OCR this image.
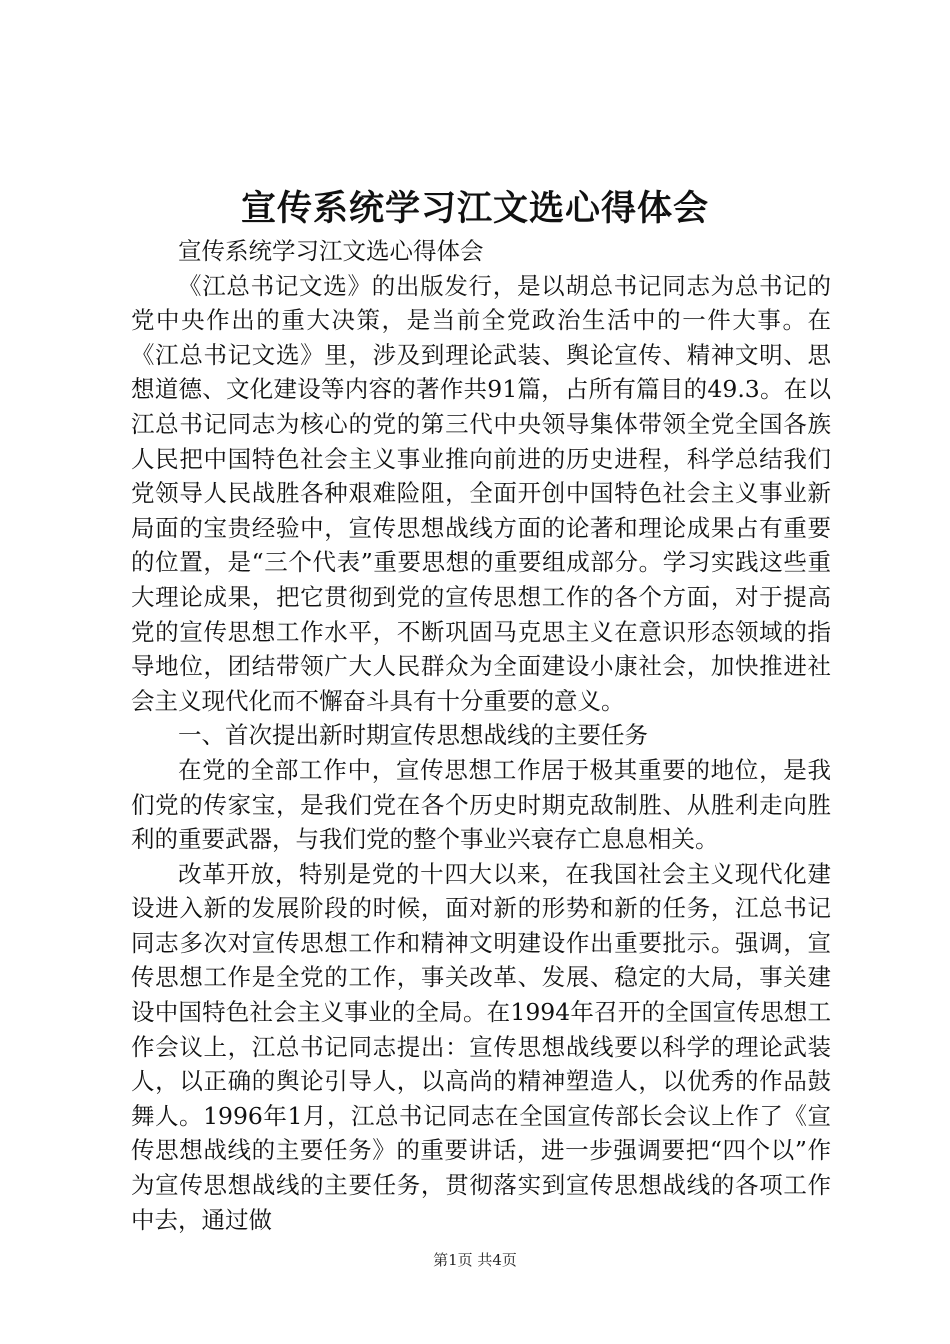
宣传系统学习江文选心得体会

宣传系统学习江文选心得体会

《江总书记文选》的出版发行，是以胡总书记同志为总书记的党中央作出的重大决策，是当前全党政治生活中的一件大事。在《江总书记文选》里，涉及到理论武装、舆论宣传、精神文明、思想道德、文化建设等内容的著作共91篇，占所有篇目的49.3。在以江总书记同志为核心的党的第三代中央领导集体带领全党全国各族人民把中国特色社会主义事业推向前进的历史进程，科学总结我们党领导人民战胜各种艰难险阻，全面开创中国特色社会主义事业新局面的宝贵经验中，宣传思想战线方面的论著和理论成果占有重要的位置，是“三个代表”重要思想的重要组成部分。学习实践这些重大理论成果，把它贯彻到党的宣传思想工作的各个方面，对于提高党的宣传思想工作水平，不断巩固马克思主义在意识形态领域的指导地位，团结带领广大人民群众为全面建设小康社会，加快推进社会主义现代化而不懈奋斗具有十分重要的意义。

一、首次提出新时期宣传思想战线的主要任务

在党的全部工作中，宣传思想工作居于极其重要的地位，是我们党的传家宝，是我们党在各个历史时期克敌制胜、从胜利走向胜利的重要武器，与我们党的整个事业兴衰存亡息息相关。

改革开放，特别是党的十四大以来，在我国社会主义现代化建设进入新的发展阶段的时候，面对新的形势和新的任务，江总书记同志多次对宣传思想工作和精神文明建设作出重要批示。强调，宣传思想工作是全党的工作，事关改革、发展、稳定的大局，事关建设中国特色社会主义事业的全局。在1994年召开的全国宣传思想工作会议上，江总书记同志提出：宣传思想战线要以科学的理论武装人，以正确的舆论引导人，以高尚的精神塑造人，以优秀的作品鼓舞人。1996年1月，江总书记同志在全国宣传部长会议上作了《宣传思想战线的主要任务》的重要讲话，进一步强调要把“四个以”作为宣传思想战线的主要任务，贯彻落实到宣传思想战线的各项工作中去，通过做

第1页 共4页
